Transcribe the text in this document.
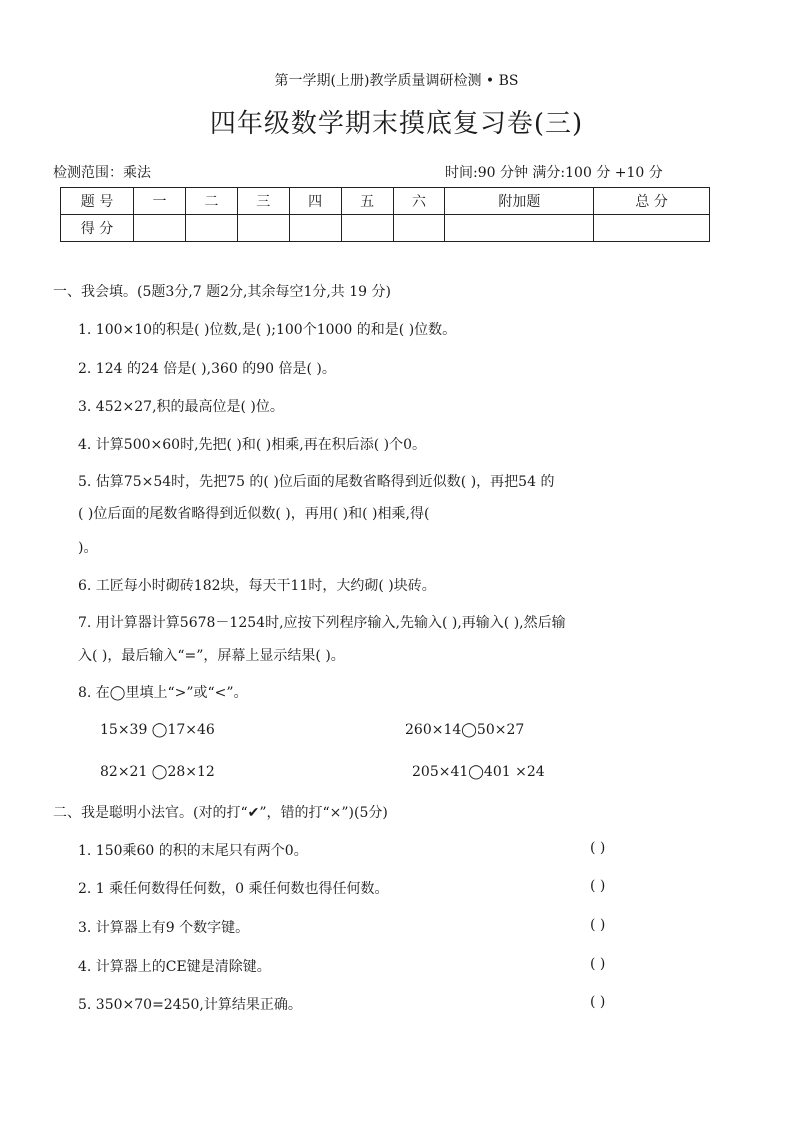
第一学期(上册)教学质量调研检测 • BS
四年级数学期末摸底复习卷(三)
检测范围：乘法	时间:90 分钟 满分:100 分 +10 分
题 号	一	二	三	四	五	六	附加题	总 分
得 分								
一、我会填。(5题3分,7 题2分,其余每空1分,共 19 分)
1. 100×10的积是( )位数,是( );100个1000 的和是( )位数。
2. 124 的24 倍是( ),360 的90 倍是( )。
3. 452×27,积的最高位是( )位。
4. 计算500×60时,先把( )和( )相乘,再在积后添( )个0。
5. 估算75×54时，先把75 的( )位后面的尾数省略得到近似数( )，再把54 的
( )位后面的尾数省略得到近似数( )，再用( )和( )相乘,得(
)。
6. 工匠每小时砌砖182块，每天干11时，大约砌( )块砖。
7. 用计算器计算5678－1254时,应按下列程序输入,先输入( ),再输入( ),然后输
入( )，最后输入“=”，屏幕上显示结果( )。
8. 在◯里填上“>”或“<”。
15×39 ◯17×46	260×14◯50×27
82×21 ◯28×12	205×41◯401 ×24
二、我是聪明小法官。(对的打“✔”，错的打“×”)(5分)
1. 150乘60 的积的末尾只有两个0。	( )
2. 1 乘任何数得任何数，0 乘任何数也得任何数。	( )
3. 计算器上有9 个数字键。	( )
4. 计算器上的CE键是清除键。	( )
5. 350×70=2450,计算结果正确。	( )
